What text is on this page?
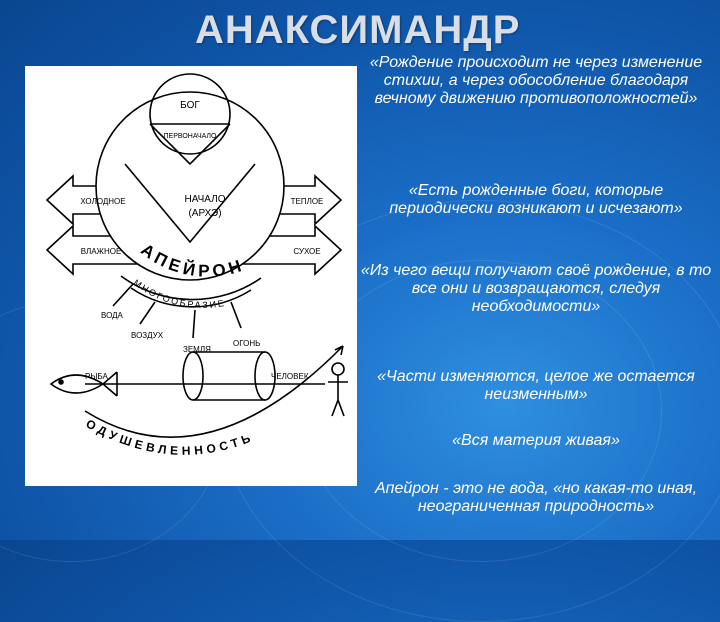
АНАКСИМАНДР
БОГ
ПЕРВОНАЧАЛО
НАЧАЛО
(АРХЭ)
ХОЛОДНОЕ	ТЕПЛОЕ
ВЛАЖНОЕ	СУХОЕ
АПЕЙРОН
МНОГООБРАЗИЕ
ВОДА
ВОЗДУХ
ЗЕМЛЯ
ОГОНЬ
РЫБА	ЧЕЛОВЕК
ОДУШЕВЛЕННОСТЬ

«Рождение происходит не через изменение стихии, а через обособление благодаря вечному движению противоположностей»

«Есть рожденные боги, которые периодически возникают и исчезают»

«Из чего вещи получают своё рождение, в то все они и возвращаются, следуя необходимости»

«Части изменяются, целое же остается неизменным»

«Вся материя живая»

Апейрон - это не вода, «но какая-то иная, неограниченная природность»
